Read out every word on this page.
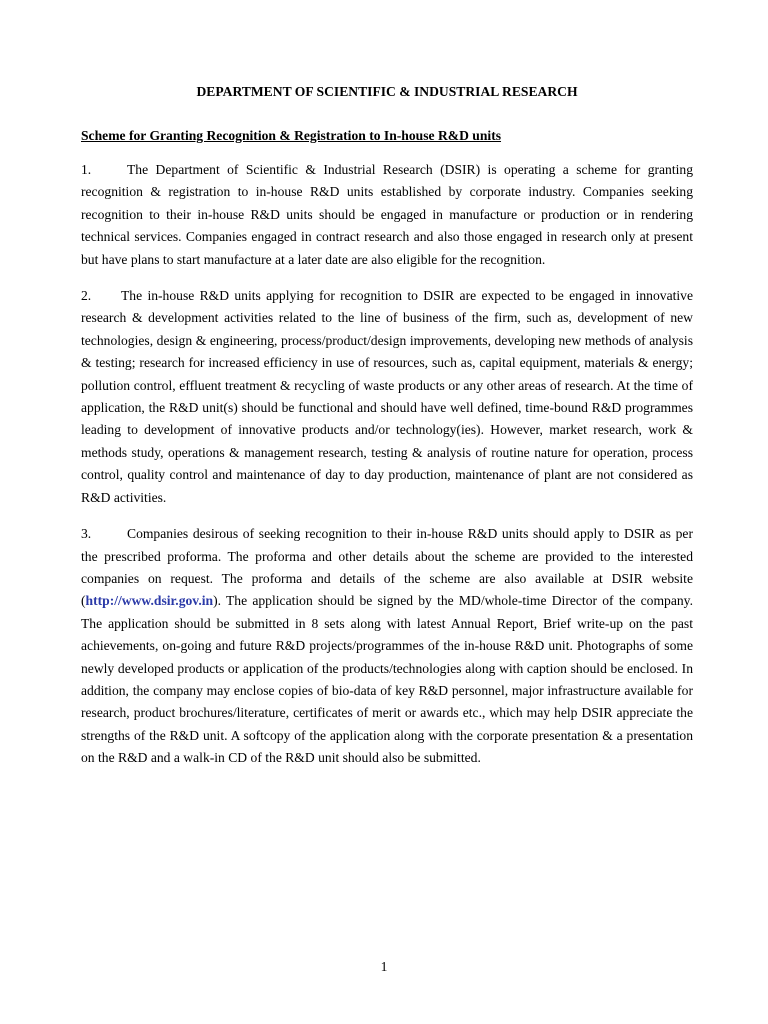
DEPARTMENT OF SCIENTIFIC & INDUSTRIAL RESEARCH
Scheme for Granting Recognition & Registration to In-house R&D units

1.	The Department of Scientific & Industrial Research (DSIR) is operating a scheme for granting recognition & registration to in-house R&D units established by corporate industry. Companies seeking recognition to their in-house R&D units should be engaged in manufacture or production or in rendering technical services. Companies engaged in contract research and also those engaged in research only at present but have plans to start manufacture at a later date are also eligible for the recognition.

2. The in-house R&D units applying for recognition to DSIR are expected to be engaged in innovative research & development activities related to the line of business of the firm, such as, development of new technologies, design & engineering, process/product/design improvements, developing new methods of analysis & testing; research for increased efficiency in use of resources, such as, capital equipment, materials & energy; pollution control, effluent treatment & recycling of waste products or any other areas of research. At the time of application, the R&D unit(s) should be functional and should have well defined, time-bound R&D programmes leading to development of innovative products and/or technology(ies). However, market research, work & methods study, operations & management research, testing & analysis of routine nature for operation, process control, quality control and maintenance of day to day production, maintenance of plant are not considered as R&D activities.

3.	Companies desirous of seeking recognition to their in-house R&D units should apply to DSIR as per the prescribed proforma. The proforma and other details about the scheme are provided to the interested companies on request. The proforma and details of the scheme are also available at DSIR website (http://www.dsir.gov.in). The application should be signed by the MD/whole-time Director of the company. The application should be submitted in 8 sets along with latest Annual Report, Brief write-up on the past achievements, on-going and future R&D projects/programmes of the in-house R&D unit. Photographs of some newly developed products or application of the products/technologies along with caption should be enclosed. In addition, the company may enclose copies of bio-data of key R&D personnel, major infrastructure available for research, product brochures/literature, certificates of merit or awards etc., which may help DSIR appreciate the strengths of the R&D unit. A softcopy of the application along with the corporate presentation & a presentation on the R&D and a walk-in CD of the R&D unit should also be submitted.

1
